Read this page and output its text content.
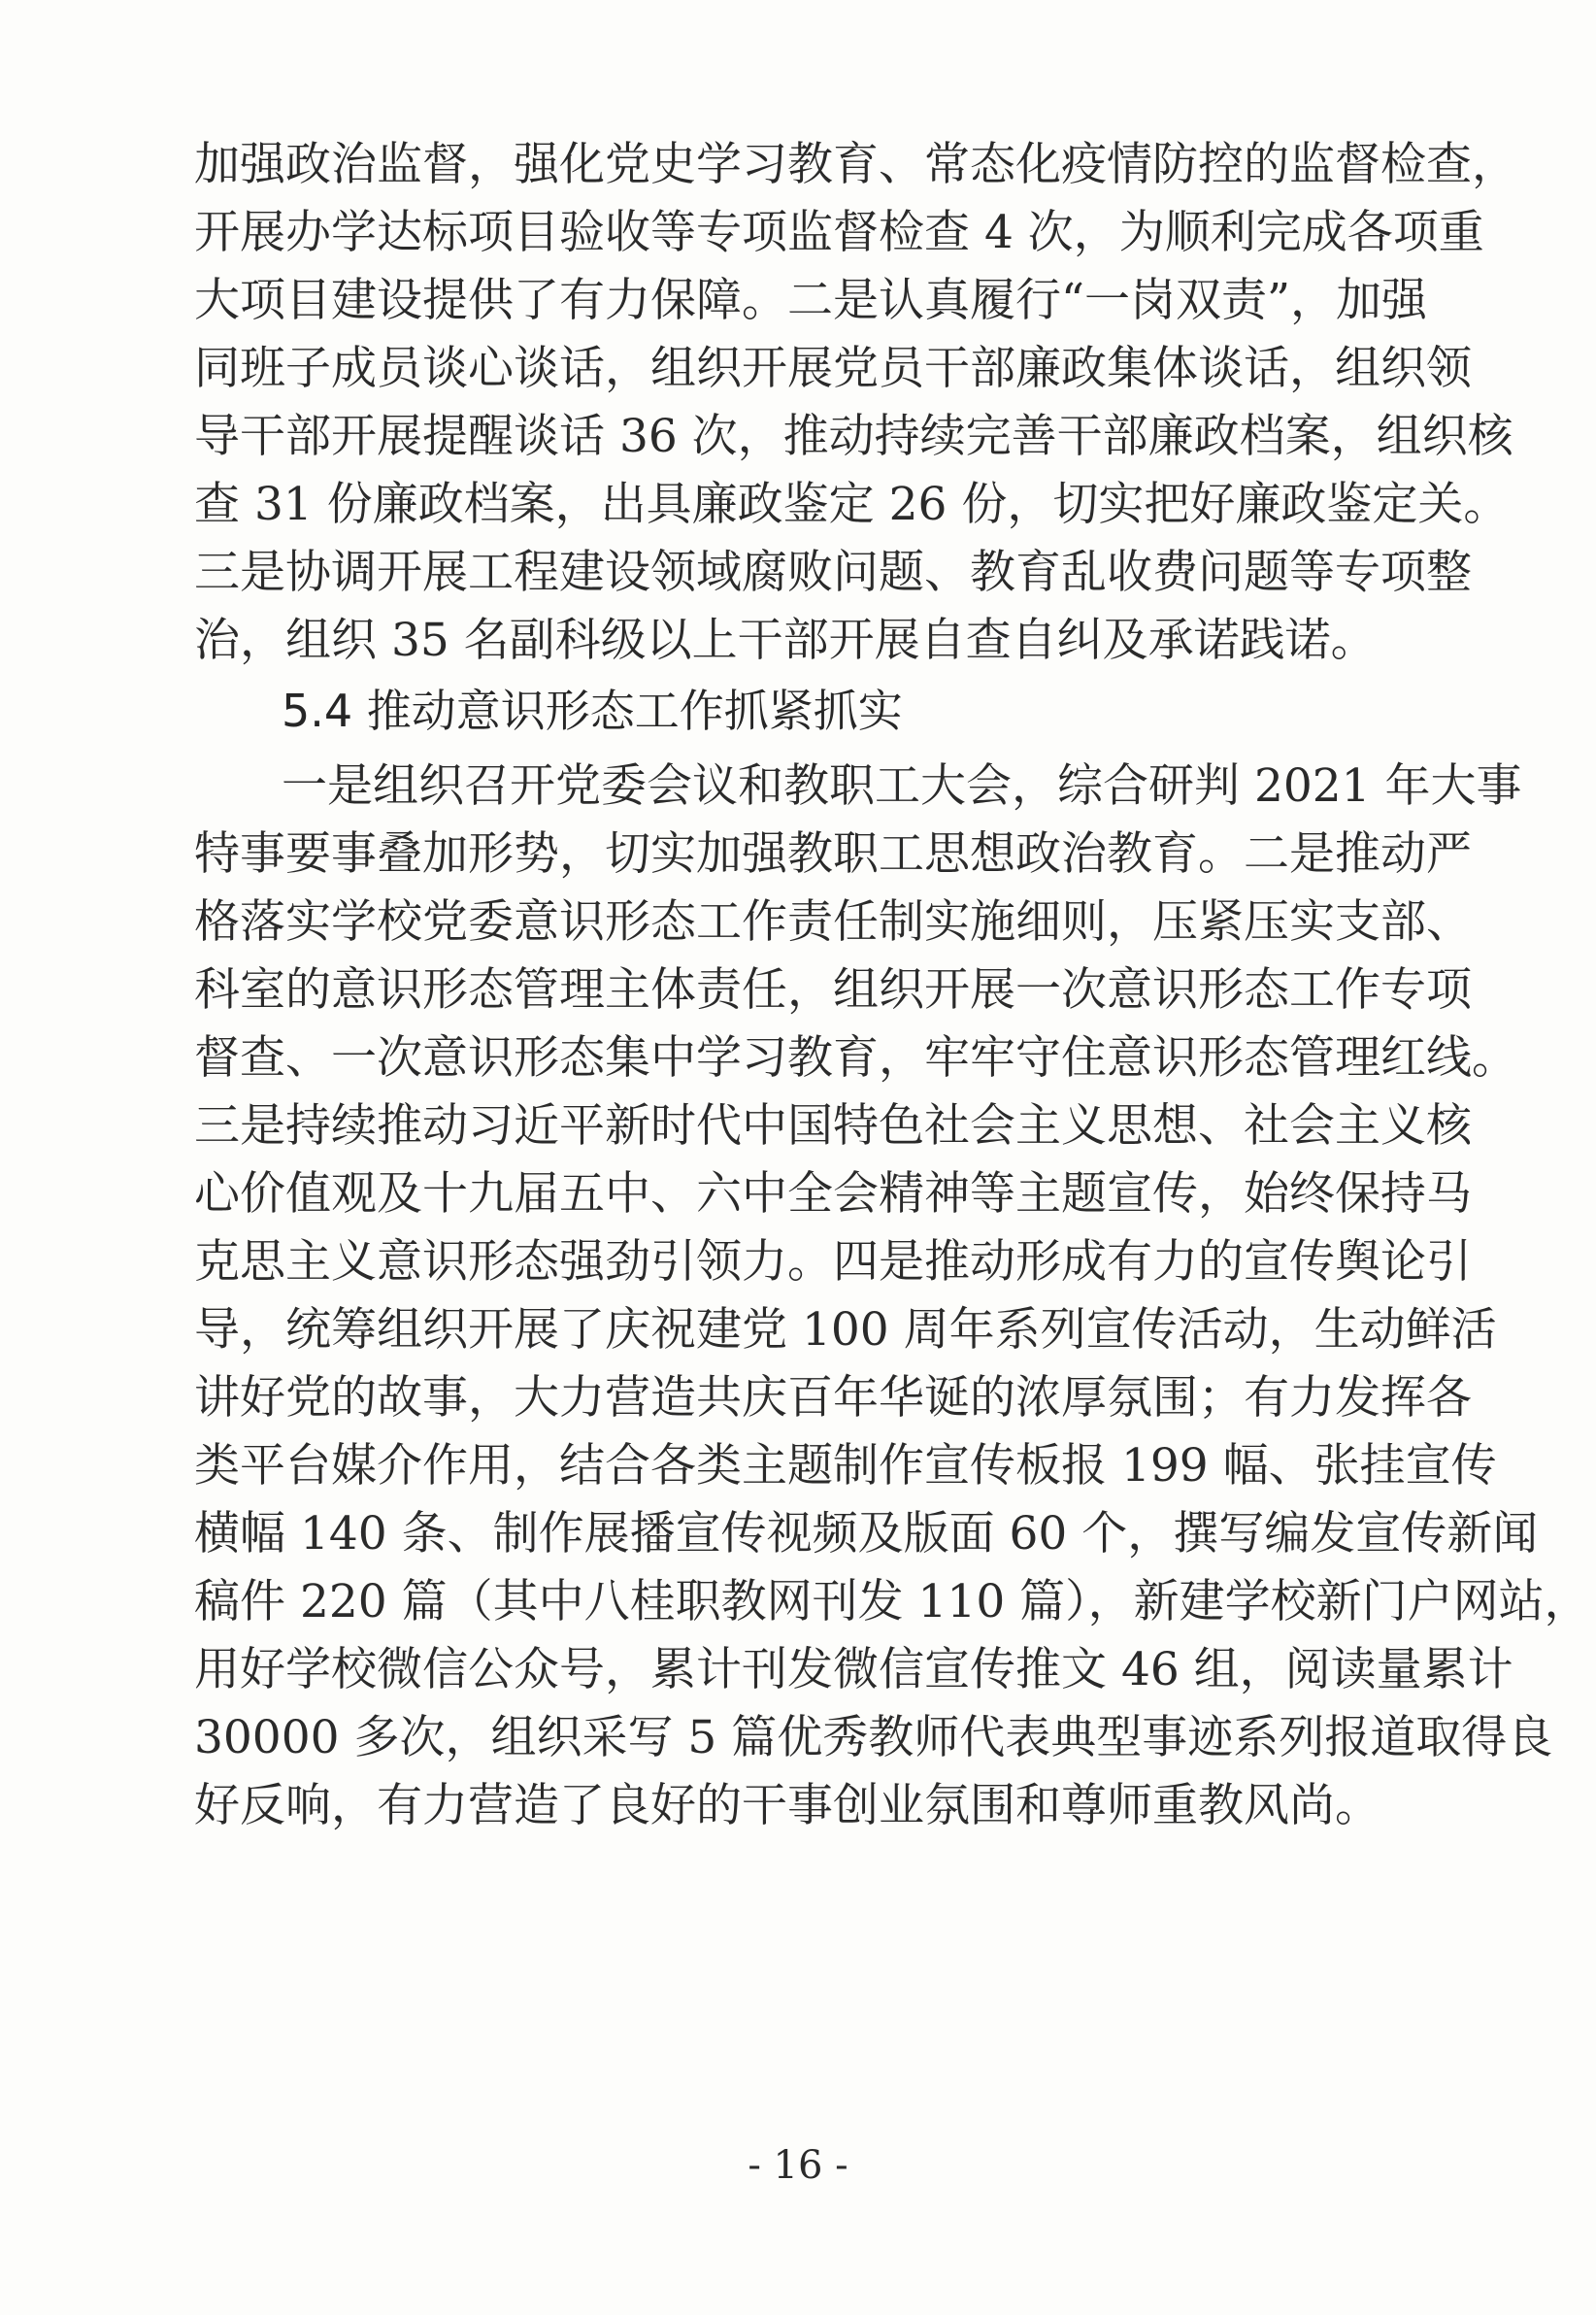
加强政治监督，强化党史学习教育、常态化疫情防控的监督检查，
开展办学达标项目验收等专项监督检查 4 次，为顺利完成各项重
大项目建设提供了有力保障。二是认真履行“一岗双责”，加强
同班子成员谈心谈话，组织开展党员干部廉政集体谈话，组织领
导干部开展提醒谈话 36 次，推动持续完善干部廉政档案，组织核
查 31 份廉政档案，出具廉政鉴定 26 份，切实把好廉政鉴定关。
三是协调开展工程建设领域腐败问题、教育乱收费问题等专项整
治，组织 35 名副科级以上干部开展自查自纠及承诺践诺。
5.4 推动意识形态工作抓紧抓实
一是组织召开党委会议和教职工大会，综合研判 2021 年大事
特事要事叠加形势，切实加强教职工思想政治教育。二是推动严
格落实学校党委意识形态工作责任制实施细则，压紧压实支部、
科室的意识形态管理主体责任，组织开展一次意识形态工作专项
督查、一次意识形态集中学习教育，牢牢守住意识形态管理红线。
三是持续推动习近平新时代中国特色社会主义思想、社会主义核
心价值观及十九届五中、六中全会精神等主题宣传，始终保持马
克思主义意识形态强劲引领力。四是推动形成有力的宣传舆论引
导，统筹组织开展了庆祝建党 100 周年系列宣传活动，生动鲜活
讲好党的故事，大力营造共庆百年华诞的浓厚氛围；有力发挥各
类平台媒介作用，结合各类主题制作宣传板报 199 幅、张挂宣传
横幅 140 条、制作展播宣传视频及版面 60 个，撰写编发宣传新闻
稿件 220 篇（其中八桂职教网刊发 110 篇），新建学校新门户网站，
用好学校微信公众号，累计刊发微信宣传推文 46 组，阅读量累计
30000 多次，组织采写 5 篇优秀教师代表典型事迹系列报道取得良
好反响，有力营造了良好的干事创业氛围和尊师重教风尚。
- 16 -
